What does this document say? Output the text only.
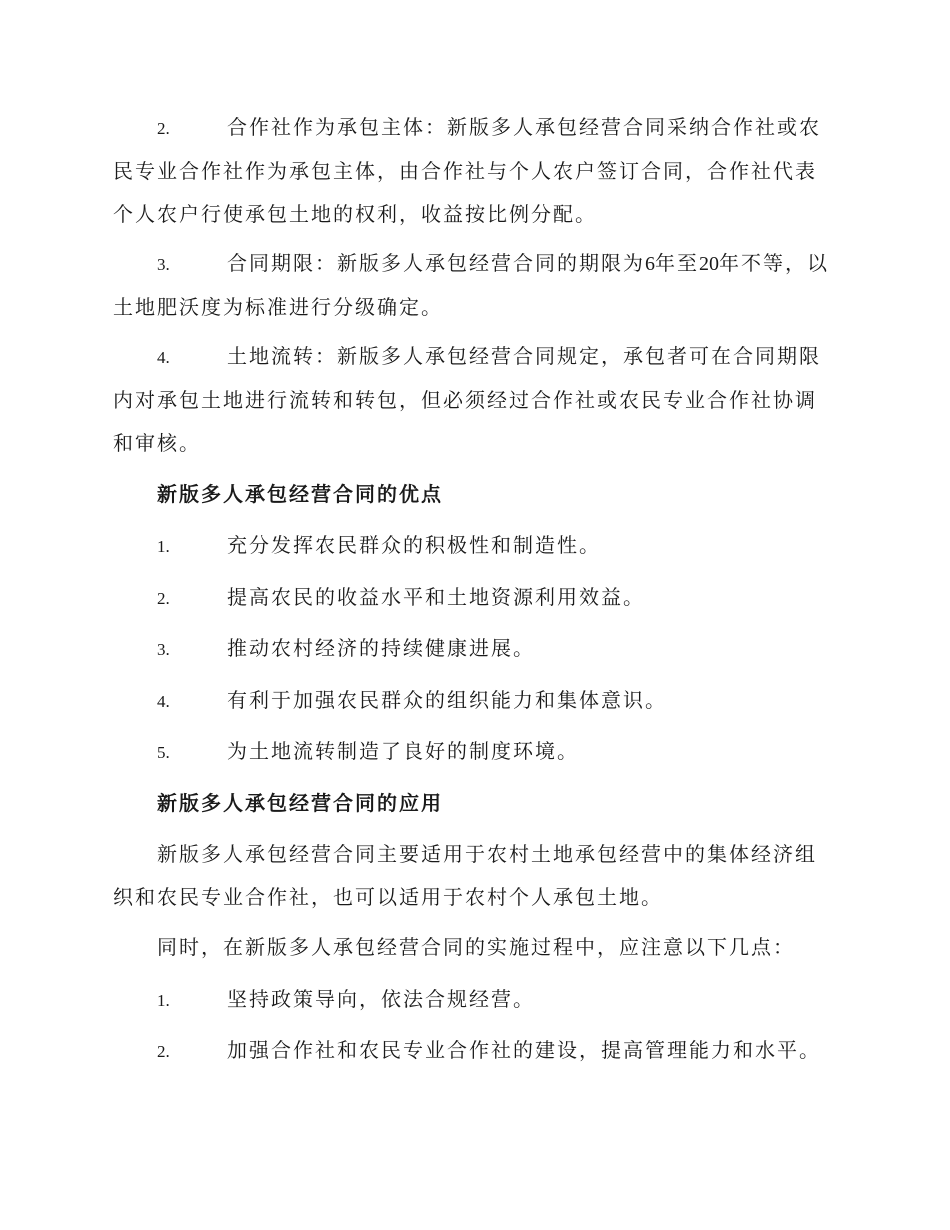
2.	合作社作为承包主体：新版多人承包经营合同采纳合作社或农民专业合作社作为承包主体，由合作社与个人农户签订合同，合作社代表个人农户行使承包土地的权利，收益按比例分配。
3.	合同期限：新版多人承包经营合同的期限为6年至20年不等，以土地肥沃度为标准进行分级确定。
4.	土地流转：新版多人承包经营合同规定，承包者可在合同期限内对承包土地进行流转和转包，但必须经过合作社或农民专业合作社协调和审核。
新版多人承包经营合同的优点
1.	充分发挥农民群众的积极性和制造性。
2.	提高农民的收益水平和土地资源利用效益。
3.	推动农村经济的持续健康进展。
4.	有利于加强农民群众的组织能力和集体意识。
5.	为土地流转制造了良好的制度环境。
新版多人承包经营合同的应用
新版多人承包经营合同主要适用于农村土地承包经营中的集体经济组织和农民专业合作社，也可以适用于农村个人承包土地。
同时，在新版多人承包经营合同的实施过程中，应注意以下几点：
1.	坚持政策导向，依法合规经营。
2.	加强合作社和农民专业合作社的建设，提高管理能力和水平。
